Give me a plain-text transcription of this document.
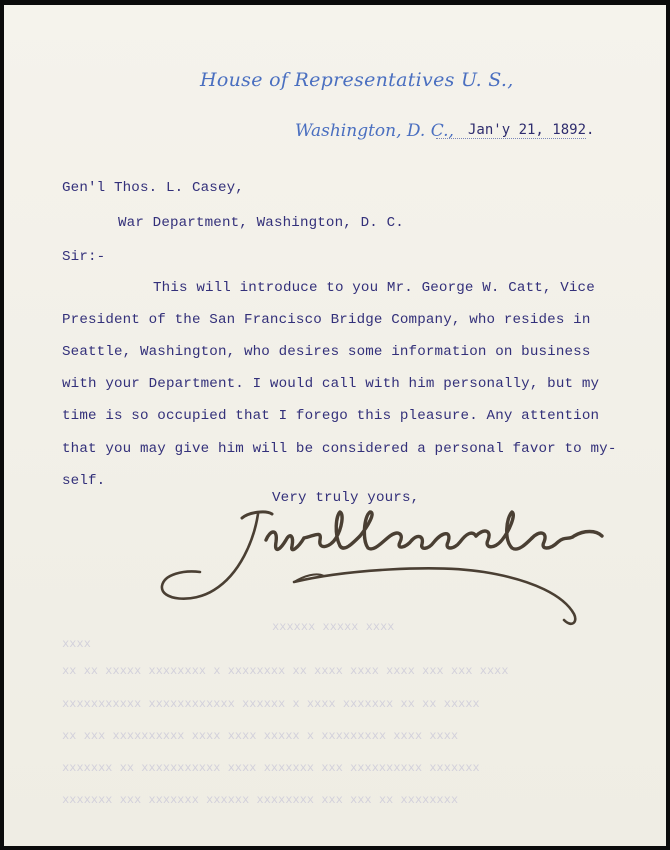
House of Representatives U. S.,
Washington, D. C., Jan'y 21, 1892.
Gen'l Thos. L. Casey,
War Department, Washington, D. C.
Sir:-
This will introduce to you Mr. George W. Catt, Vice
President of the San Francisco Bridge Company, who resides in
Seattle, Washington, who desires some information on business
with your Department. I would call with him personally, but my
time is so occupied that I forego this pleasure. Any attention
that you may give him will be considered a personal favor to my-
self.
Very truly yours,
xxxx xxxxx xxxxxx
xxxx
xxxx xxx xxx xxxx xxxx xxxx xx xxxxxxxx x xxxxxxxx xxxxx xx xx
xxxxx xx xx xxxxxxx xxxx x xxxxxx xxxxxxxxxxxx xxxxxxxxxxx
xxxx xxxx xxxxxxxxx x xxxxx xxxx xxxx xxxxxxxxxx xxx xx
xxxxxxx xxxxxxxxxx xxx xxxxxxx xxxx xxxxxxxxxxx xx xxxxxxx
xxxxxxxx xx xxx xxx xxxxxxxx xxxxxx xxxxxxx xxx xxxxxxx
